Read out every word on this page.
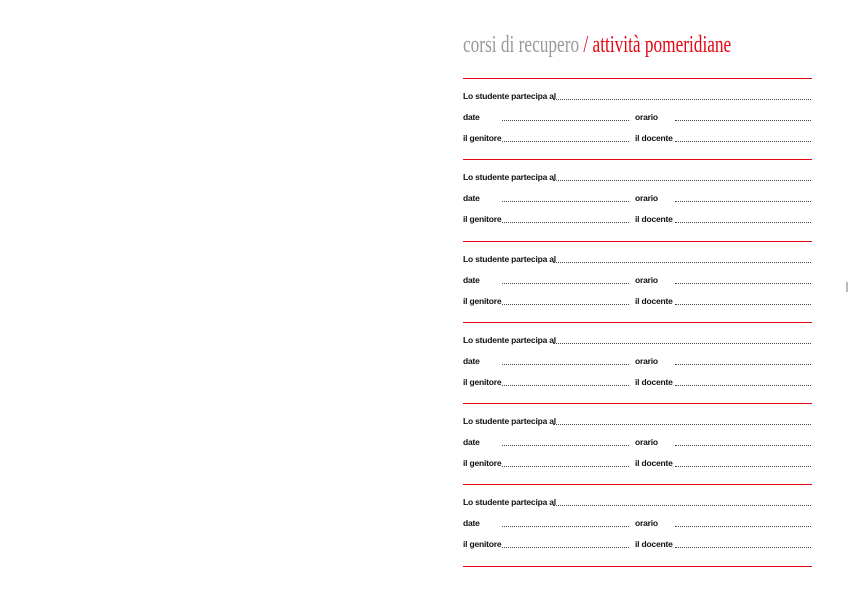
corsi di recupero / attività pomeridiane
Lo studente partecipa al
date	orario
il genitore	il docente
Lo studente partecipa al
date	orario
il genitore	il docente
Lo studente partecipa al
date	orario
il genitore	il docente
Lo studente partecipa al
date	orario
il genitore	il docente
Lo studente partecipa al
date	orario
il genitore	il docente
Lo studente partecipa al
date	orario
il genitore	il docente
